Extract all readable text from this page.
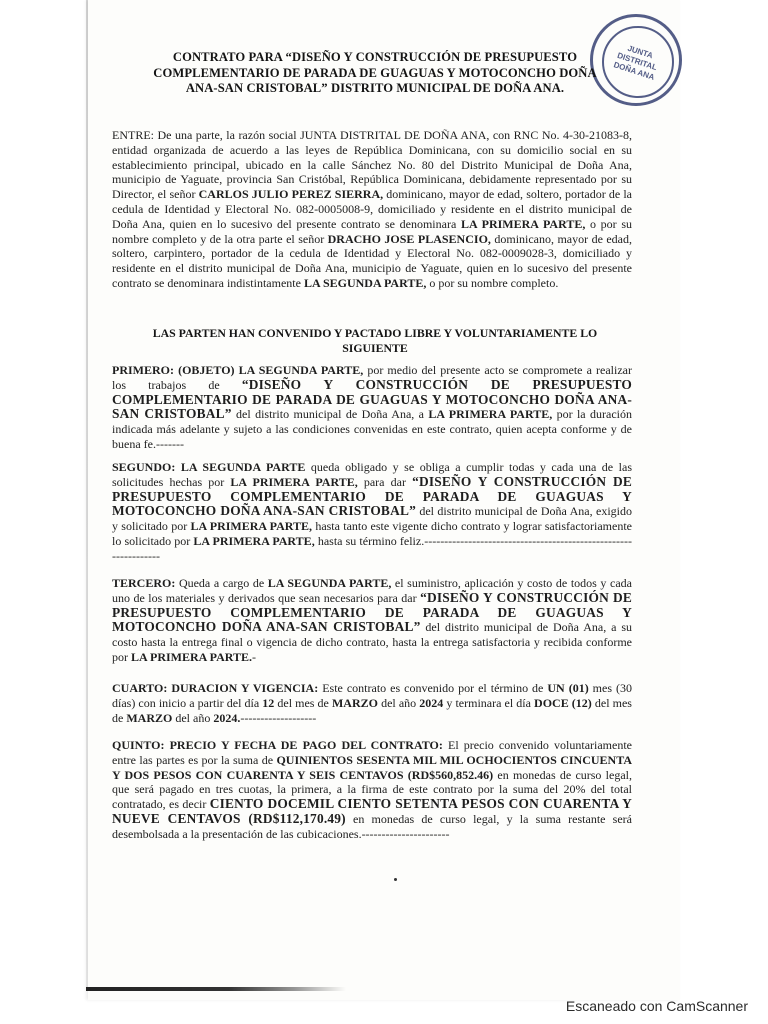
JUNTA DISTRITAL DOÑA ANA
CONTRATO PARA “DISEÑO Y CONSTRUCCIÓN DE PRESUPUESTO COMPLEMENTARIO DE PARADA DE GUAGUAS Y MOTOCONCHO DOÑA ANA-SAN CRISTOBAL” DISTRITO MUNICIPAL DE DOÑA ANA.
ENTRE: De una parte, la razón social JUNTA DISTRITAL DE DOÑA ANA, con RNC No. 4-30-21083-8, entidad organizada de acuerdo a las leyes de República Dominicana, con su domicilio social en su establecimiento principal, ubicado en la calle Sánchez No. 80 del Distrito Municipal de Doña Ana, municipio de Yaguate, provincia San Cristóbal, República Dominicana, debidamente representado por su Director, el señor CARLOS JULIO PEREZ SIERRA, dominicano, mayor de edad, soltero, portador de la cedula de Identidad y Electoral No. 082-0005008-9, domiciliado y residente en el distrito municipal de Doña Ana, quien en lo sucesivo del presente contrato se denominara LA PRIMERA PARTE, o por su nombre completo y de la otra parte el señor DRACHO JOSE PLASENCIO, dominicano, mayor de edad, soltero, carpintero, portador de la cedula de Identidad y Electoral No. 082-0009028-3, domiciliado y residente en el distrito municipal de Doña Ana, municipio de Yaguate, quien en lo sucesivo del presente contrato se denominara indistintamente LA SEGUNDA PARTE, o por su nombre completo.
LAS PARTEN HAN CONVENIDO Y PACTADO LIBRE Y VOLUNTARIAMENTE LO SIGUIENTE
PRIMERO: (OBJETO) LA SEGUNDA PARTE, por medio del presente acto se compromete a realizar los trabajos de “DISEÑO Y CONSTRUCCIÓN DE PRESUPUESTO COMPLEMENTARIO DE PARADA DE GUAGUAS Y MOTOCONCHO DOÑA ANA-SAN CRISTOBAL” del distrito municipal de Doña Ana, a LA PRIMERA PARTE, por la duración indicada más adelante y sujeto a las condiciones convenidas en este contrato, quien acepta conforme y de buena fe.-------
SEGUNDO: LA SEGUNDA PARTE queda obligado y se obliga a cumplir todas y cada una de las solicitudes hechas por LA PRIMERA PARTE, para dar “DISEÑO Y CONSTRUCCIÓN DE PRESUPUESTO COMPLEMENTARIO DE PARADA DE GUAGUAS Y MOTOCONCHO DOÑA ANA-SAN CRISTOBAL” del distrito municipal de Doña Ana, exigido y solicitado por LA PRIMERA PARTE, hasta tanto este vigente dicho contrato y lograr satisfactoriamente lo solicitado por LA PRIMERA PARTE, hasta su término feliz.----------------------------------------------------------------
TERCERO: Queda a cargo de LA SEGUNDA PARTE, el suministro, aplicación y costo de todos y cada uno de los materiales y derivados que sean necesarios para dar “DISEÑO Y CONSTRUCCIÓN DE PRESUPUESTO COMPLEMENTARIO DE PARADA DE GUAGUAS Y MOTOCONCHO DOÑA ANA-SAN CRISTOBAL” del distrito municipal de Doña Ana, a su costo hasta la entrega final o vigencia de dicho contrato, hasta la entrega satisfactoria y recibida conforme por LA PRIMERA PARTE.-
CUARTO: DURACION Y VIGENCIA: Este contrato es convenido por el término de UN (01) mes (30 días) con inicio a partir del día 12 del mes de MARZO del año 2024 y terminara el día DOCE (12) del mes de MARZO del año 2024.-------------------
QUINTO: PRECIO Y FECHA DE PAGO DEL CONTRATO: El precio convenido voluntariamente entre las partes es por la suma de QUINIENTOS SESENTA MIL MIL OCHOCIENTOS CINCUENTA Y DOS PESOS CON CUARENTA Y SEIS CENTAVOS (RD$560,852.46) en monedas de curso legal, que será pagado en tres cuotas, la primera, a la firma de este contrato por la suma del 20% del total contratado, es decir CIENTO DOCEMIL CIENTO SETENTA PESOS CON CUARENTA Y NUEVE CENTAVOS (RD$112,170.49) en monedas de curso legal, y la suma restante será desembolsada a la presentación de las cubicaciones.----------------------
Escaneado con CamScanner
